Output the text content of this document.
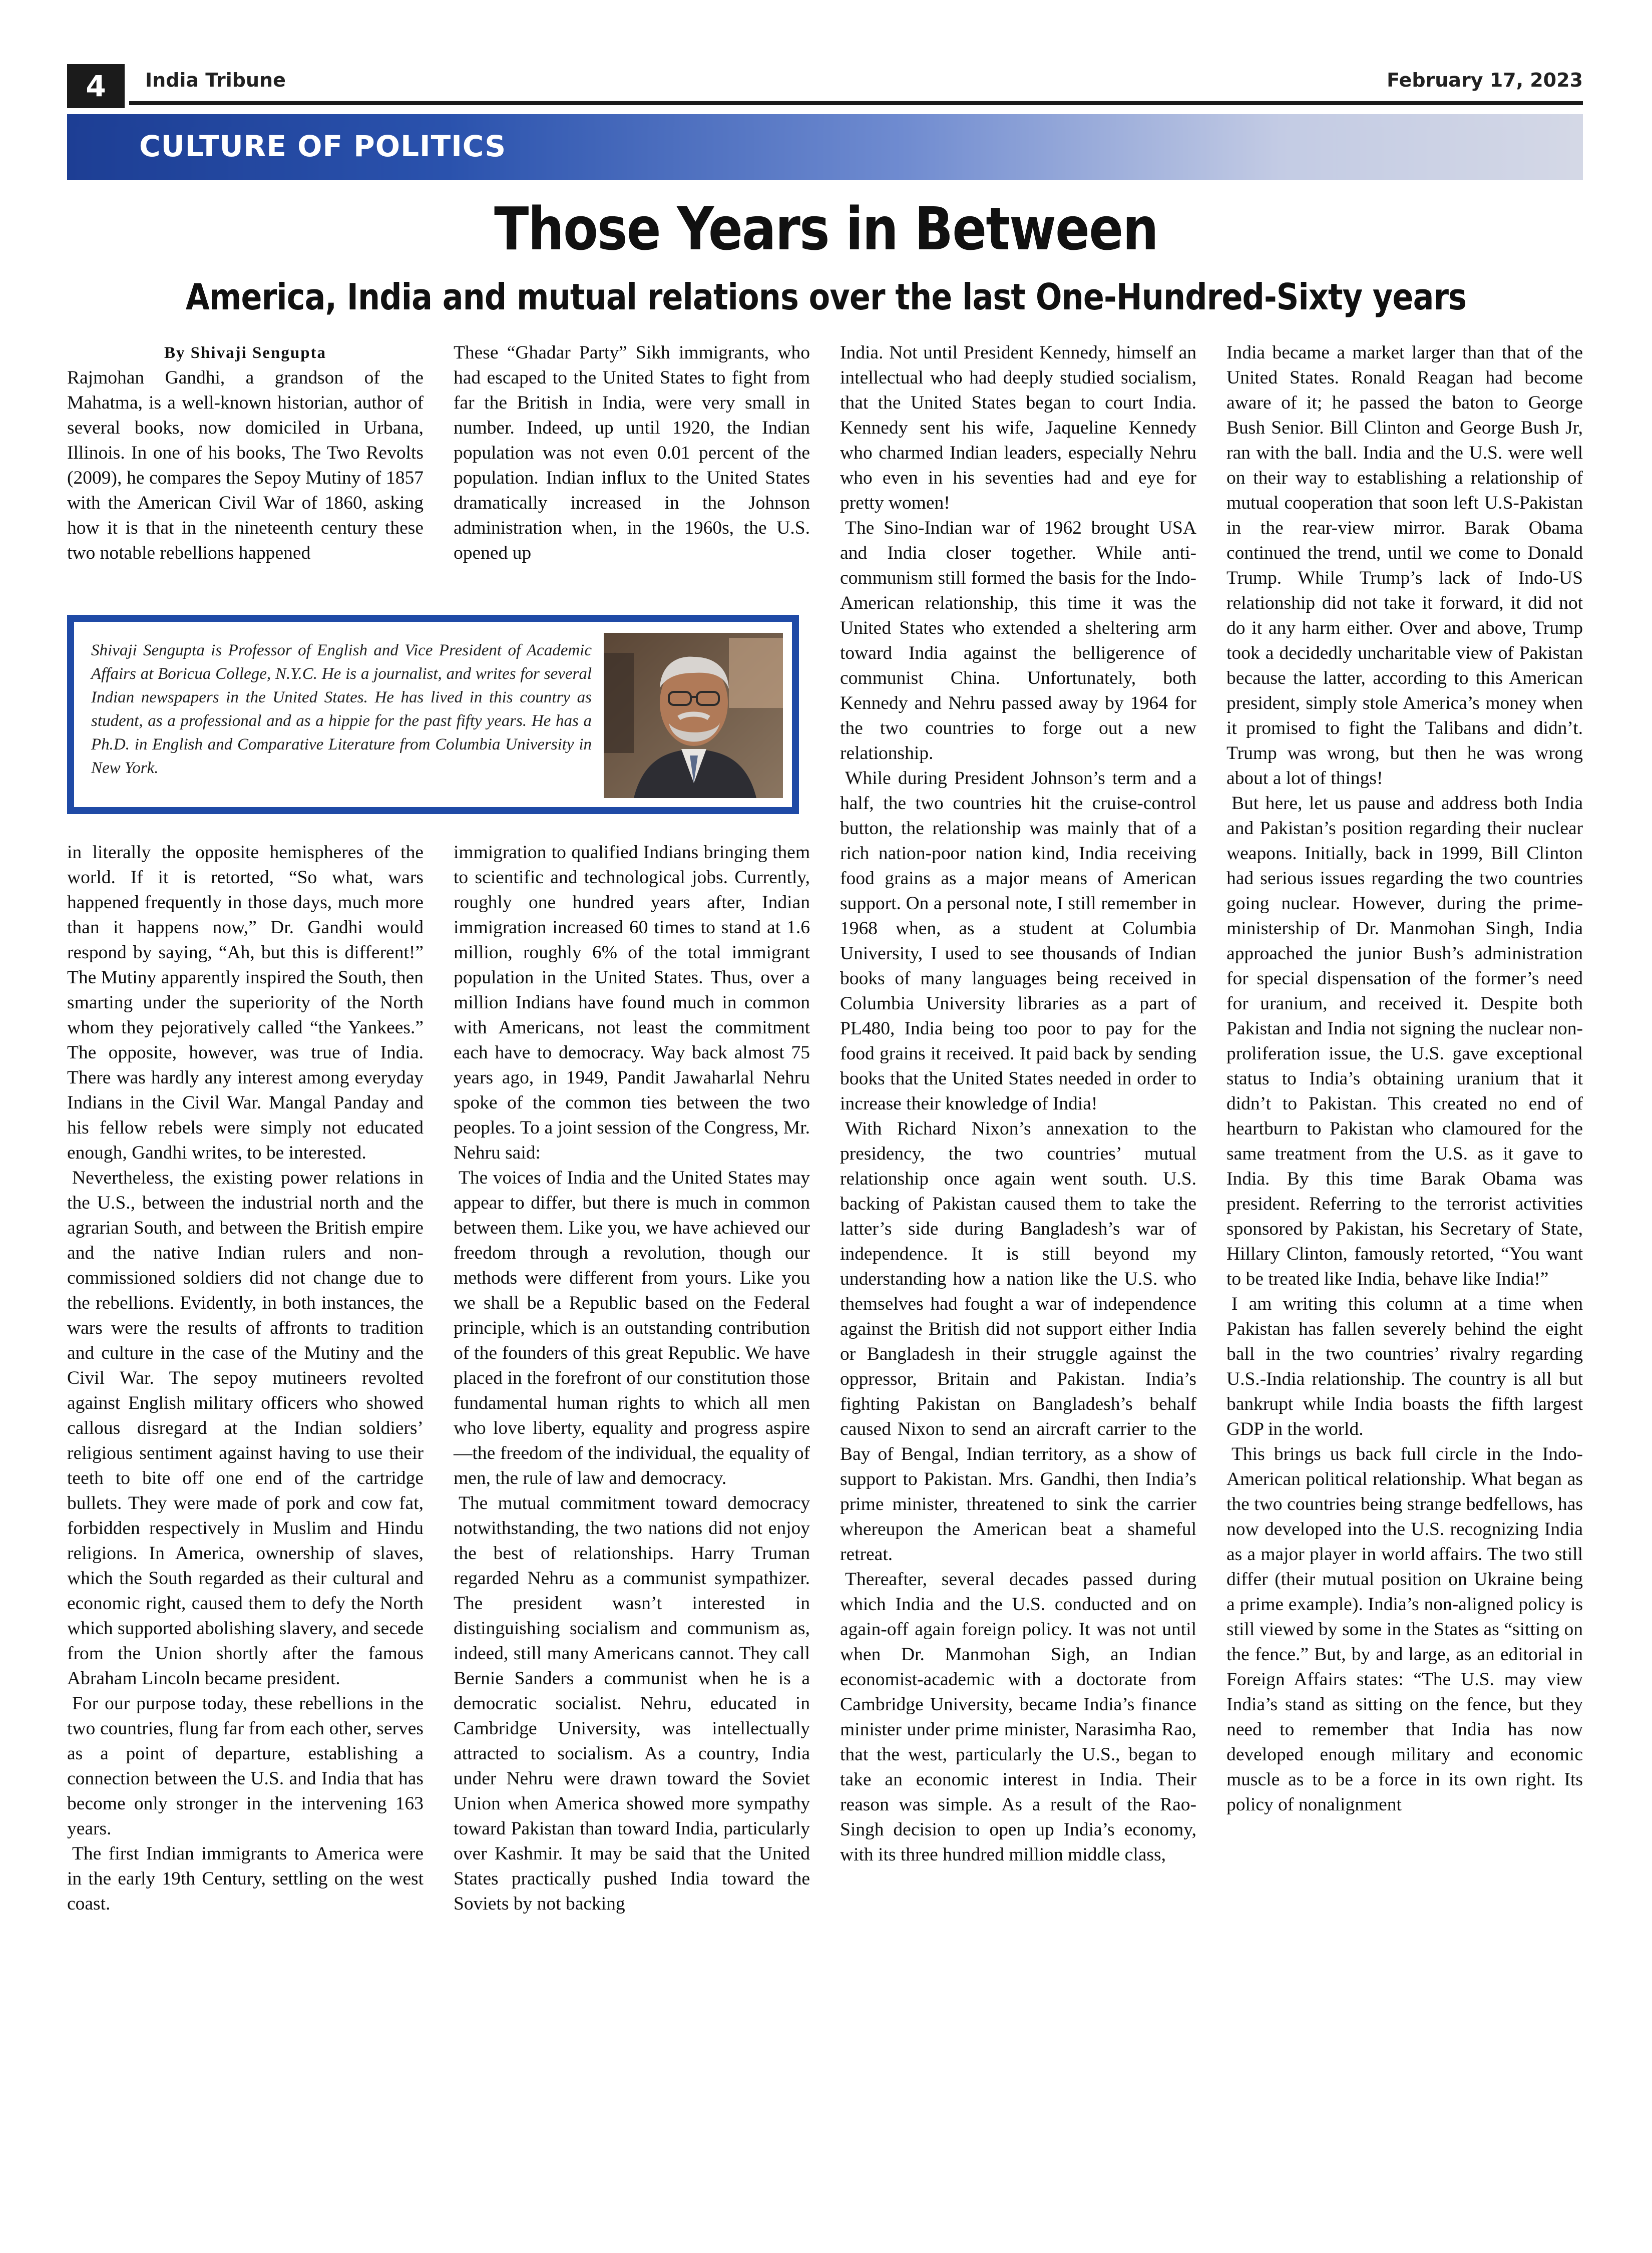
4	India Tribune	February 17, 2023
CULTURE OF POLITICS
Those Years in Between
America, India and mutual relations over the last One-Hundred-Sixty years
By Shivaji Sengupta

Rajmohan Gandhi, a grandson of the Mahatma, is a well-known historian, author of several books, now domiciled in Urbana, Illinois. In one of his books, The Two Revolts (2009), he compares the Sepoy Mutiny of 1857 with the American Civil War of 1860, asking how it is that in the nineteenth century these two notable rebellions happened

These “Ghadar Party” Sikh immigrants, who had escaped to the United States to fight from far the British in India, were very small in number. Indeed, up until 1920, the Indian population was not even 0.01 percent of the population. Indian influx to the United States dramatically increased in the Johnson administration when, in the 1960s, the U.S. opened up

Shivaji Sengupta is Professor of English and Vice President of Academic Affairs at Boricua College, N.Y.C. He is a journalist, and writes for several Indian newspapers in the United States. He has lived in this country as student, as a professional and as a hippie for the past fifty years. He has a Ph.D. in English and Comparative Literature from Columbia University in New York.

in literally the opposite hemispheres of the world. If it is retorted, “So what, wars happened frequently in those days, much more than it happens now,” Dr. Gandhi would respond by saying, “Ah, but this is different!” The Mutiny apparently inspired the South, then smarting under the superiority of the North whom they pejoratively called “the Yankees.” The opposite, however, was true of India. There was hardly any interest among everyday Indians in the Civil War. Mangal Panday and his fellow rebels were simply not educated enough, Gandhi writes, to be interested.

Nevertheless, the existing power relations in the U.S., between the industrial north and the agrarian South, and between the British empire and the native Indian rulers and non-commissioned soldiers did not change due to the rebellions. Evidently, in both instances, the wars were the results of affronts to tradition and culture in the case of the Mutiny and the Civil War. The sepoy mutineers revolted against English military officers who showed callous disregard at the Indian soldiers’ religious sentiment against having to use their teeth to bite off one end of the cartridge bullets. They were made of pork and cow fat, forbidden respectively in Muslim and Hindu religions. In America, ownership of slaves, which the South regarded as their cultural and economic right, caused them to defy the North which supported abolishing slavery, and secede from the Union shortly after the famous Abraham Lincoln became president.

For our purpose today, these rebellions in the two countries, flung far from each other, serves as a point of departure, establishing a connection between the U.S. and India that has become only stronger in the intervening 163 years.

The first Indian immigrants to America were in the early 19th Century, settling on the west coast.

immigration to qualified Indians bringing them to scientific and technological jobs. Currently, roughly one hundred years after, Indian immigration increased 60 times to stand at 1.6 million, roughly 6% of the total immigrant population in the United States. Thus, over a million Indians have found much in common with Americans, not least the commitment each have to democracy. Way back almost 75 years ago, in 1949, Pandit Jawaharlal Nehru spoke of the common ties between the two peoples. To a joint session of the Congress, Mr. Nehru said:

The voices of India and the United States may appear to differ, but there is much in common between them. Like you, we have achieved our freedom through a revolution, though our methods were different from yours. Like you we shall be a Republic based on the Federal principle, which is an outstanding contribution of the founders of this great Republic. We have placed in the forefront of our constitution those fundamental human rights to which all men who love liberty, equality and progress aspire—the freedom of the individual, the equality of men, the rule of law and democracy.

The mutual commitment toward democracy notwithstanding, the two nations did not enjoy the best of relationships. Harry Truman regarded Nehru as a communist sympathizer. The president wasn’t interested in distinguishing socialism and communism as, indeed, still many Americans cannot. They call Bernie Sanders a communist when he is a democratic socialist. Nehru, educated in Cambridge University, was intellectually attracted to socialism. As a country, India under Nehru were drawn toward the Soviet Union when America showed more sympathy toward Pakistan than toward India, particularly over Kashmir. It may be said that the United States practically pushed India toward the Soviets by not backing

India. Not until President Kennedy, himself an intellectual who had deeply studied socialism, that the United States began to court India. Kennedy sent his wife, Jaqueline Kennedy who charmed Indian leaders, especially Nehru who even in his seventies had and eye for pretty women!

The Sino-Indian war of 1962 brought USA and India closer together. While anti-communism still formed the basis for the Indo-American relationship, this time it was the United States who extended a sheltering arm toward India against the belligerence of communist China. Unfortunately, both Kennedy and Nehru passed away by 1964 for the two countries to forge out a new relationship.

While during President Johnson’s term and a half, the two countries hit the cruise-control button, the relationship was mainly that of a rich nation-poor nation kind, India receiving food grains as a major means of American support. On a personal note, I still remember in 1968 when, as a student at Columbia University, I used to see thousands of Indian books of many languages being received in Columbia University libraries as a part of PL480, India being too poor to pay for the food grains it received. It paid back by sending books that the United States needed in order to increase their knowledge of India!

With Richard Nixon’s annexation to the presidency, the two countries’ mutual relationship once again went south. U.S. backing of Pakistan caused them to take the latter’s side during Bangladesh’s war of independence. It is still beyond my understanding how a nation like the U.S. who themselves had fought a war of independence against the British did not support either India or Bangladesh in their struggle against the oppressor, Britain and Pakistan. India’s fighting Pakistan on Bangladesh’s behalf caused Nixon to send an aircraft carrier to the Bay of Bengal, Indian territory, as a show of support to Pakistan. Mrs. Gandhi, then India’s prime minister, threatened to sink the carrier whereupon the American beat a shameful retreat.

Thereafter, several decades passed during which India and the U.S. conducted and on again-off again foreign policy. It was not until when Dr. Manmohan Sigh, an Indian economist-academic with a doctorate from Cambridge University, became India’s finance minister under prime minister, Narasimha Rao, that the west, particularly the U.S., began to take an economic interest in India. Their reason was simple. As a result of the Rao-Singh decision to open up India’s economy, with its three hundred million middle class,

India became a market larger than that of the United States. Ronald Reagan had become aware of it; he passed the baton to George Bush Senior. Bill Clinton and George Bush Jr, ran with the ball. India and the U.S. were well on their way to establishing a relationship of mutual cooperation that soon left U.S-Pakistan in the rear-view mirror. Barak Obama continued the trend, until we come to Donald Trump. While Trump’s lack of Indo-US relationship did not take it forward, it did not do it any harm either. Over and above, Trump took a decidedly uncharitable view of Pakistan because the latter, according to this American president, simply stole America’s money when it promised to fight the Talibans and didn’t. Trump was wrong, but then he was wrong about a lot of things!

But here, let us pause and address both India and Pakistan’s position regarding their nuclear weapons. Initially, back in 1999, Bill Clinton had serious issues regarding the two countries going nuclear. However, during the prime-ministership of Dr. Manmohan Singh, India approached the junior Bush’s administration for special dispensation of the former’s need for uranium, and received it. Despite both Pakistan and India not signing the nuclear non-proliferation issue, the U.S. gave exceptional status to India’s obtaining uranium that it didn’t to Pakistan. This created no end of heartburn to Pakistan who clamoured for the same treatment from the U.S. as it gave to India. By this time Barak Obama was president. Referring to the terrorist activities sponsored by Pakistan, his Secretary of State, Hillary Clinton, famously retorted, “You want to be treated like India, behave like India!”

I am writing this column at a time when Pakistan has fallen severely behind the eight ball in the two countries’ rivalry regarding U.S.-India relationship. The country is all but bankrupt while India boasts the fifth largest GDP in the world.

This brings us back full circle in the Indo-American political relationship. What began as the two countries being strange bedfellows, has now developed into the U.S. recognizing India as a major player in world affairs. The two still differ (their mutual position on Ukraine being a prime example). India’s non-aligned policy is still viewed by some in the States as “sitting on the fence.” But, by and large, as an editorial in Foreign Affairs states: “The U.S. may view India’s stand as sitting on the fence, but they need to remember that India has now developed enough military and economic muscle as to be a force in its own right. Its policy of nonalignment
